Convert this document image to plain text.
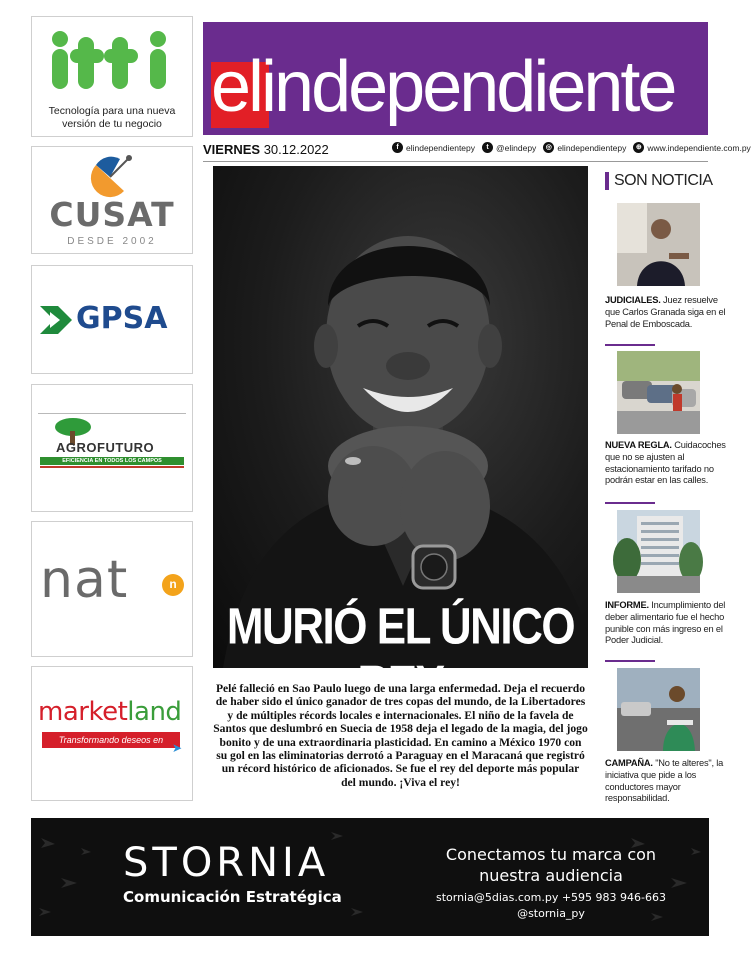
Tecnología para una nueva
versión de tu negocio
CUSAT
DESDE 2002
GPSA
AGROFUTURO
EFICIENCIA EN TODOS LOS CAMPOS
nat	n
marketland
Transformando deseos en sonrisas
➤
elindependiente
VIERNES 30.12.2022	f elindependientepy	t @elindepy	◎ elindependientepy	⊕ www.independiente.com.py
MURIÓ EL ÚNICO REY
Pelé falleció en Sao Paulo luego de una larga enfermedad. Deja el recuerdo de haber sido el único ganador de tres copas del mundo, de la Libertadores y de múltiples récords locales e internacionales. El niño de la favela de Santos que deslumbró en Suecia de 1958 deja el legado de la magia, del jogo bonito y de una extraordinaria plasticidad. En camino a México 1970 con su gol en las eliminatorias derrotó a Paraguay en el Maracaná que registró un récord histórico de aficionados. Se fue el rey del deporte más popular del mundo. ¡Viva el rey!
SON NOTICIA
JUDICIALES. Juez resuelve que Carlos Granada siga en el Penal de Emboscada.
NUEVA REGLA. Cuidacoches que no se ajusten al estacionamiento tarifado no podrán estar en las calles.
INFORME. Incumplimiento del deber alimentario fue el hecho punible con más ingreso en el Poder Judicial.
CAMPAÑA. "No te alteres", la iniciativa que pide a los conductores mayor responsabilidad.
STORNIA
Comunicación Estratégica
Conectamos tu marca con
nuestra audiencia
stornia@5dias.com.py +595 983 946-663
@stornia_py
